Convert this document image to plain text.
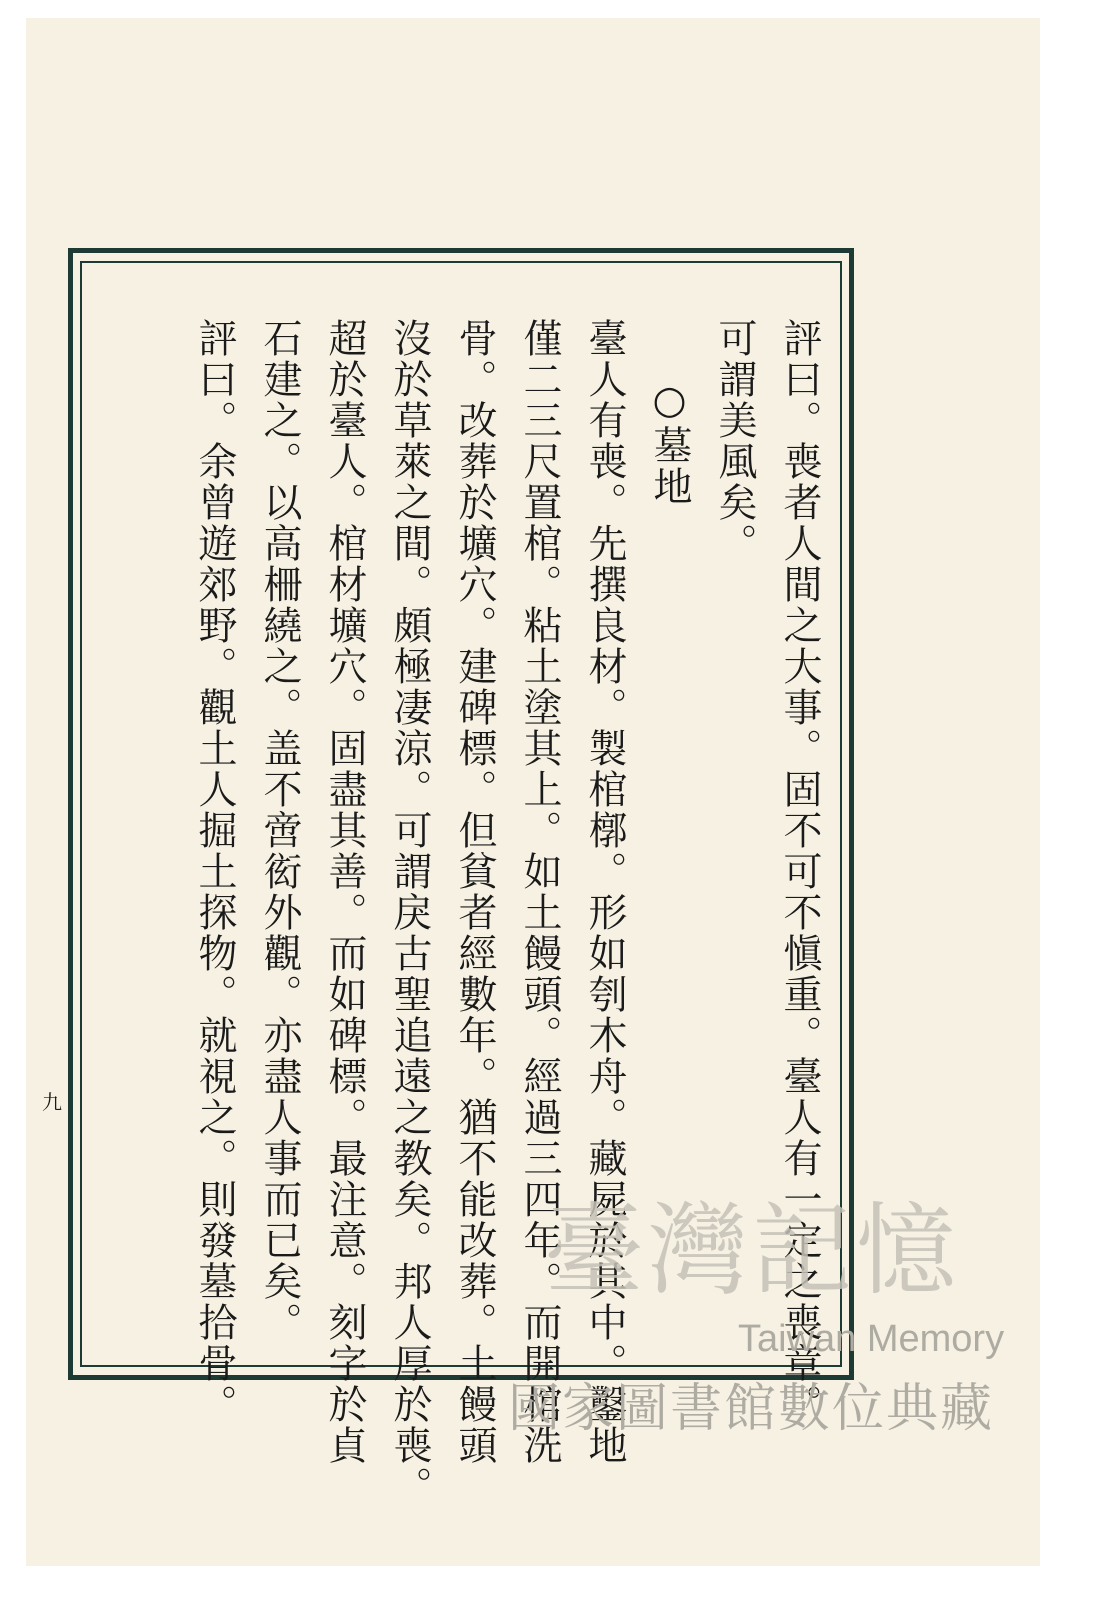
評曰。喪者人間之大事。固不可不愼重。臺人有一定之喪章。
可謂美風矣。
○墓地
臺人有喪。先撰良材。製棺槨。形如刳木舟。藏屍於其中。鑿地
僅二三尺置棺。粘土塗其上。如土饅頭。經過三四年。而開棺洗
骨。改葬於壙穴。建碑標。但貧者經數年。猶不能改葬。土饅頭
沒於草萊之間。頗極凄涼。可謂戾古聖追遠之教矣。邦人厚於喪。
超於臺人。棺材壙穴。固盡其善。而如碑標。最注意。刻字於貞
石建之。以高柵繞之。盖不啻衒外觀。亦盡人事而已矣。
評曰。余曾遊郊野。觀土人掘土探物。就視之。則發墓拾骨。
九
臺灣記憶
Taiwan Memory
國家圖書館數位典藏
